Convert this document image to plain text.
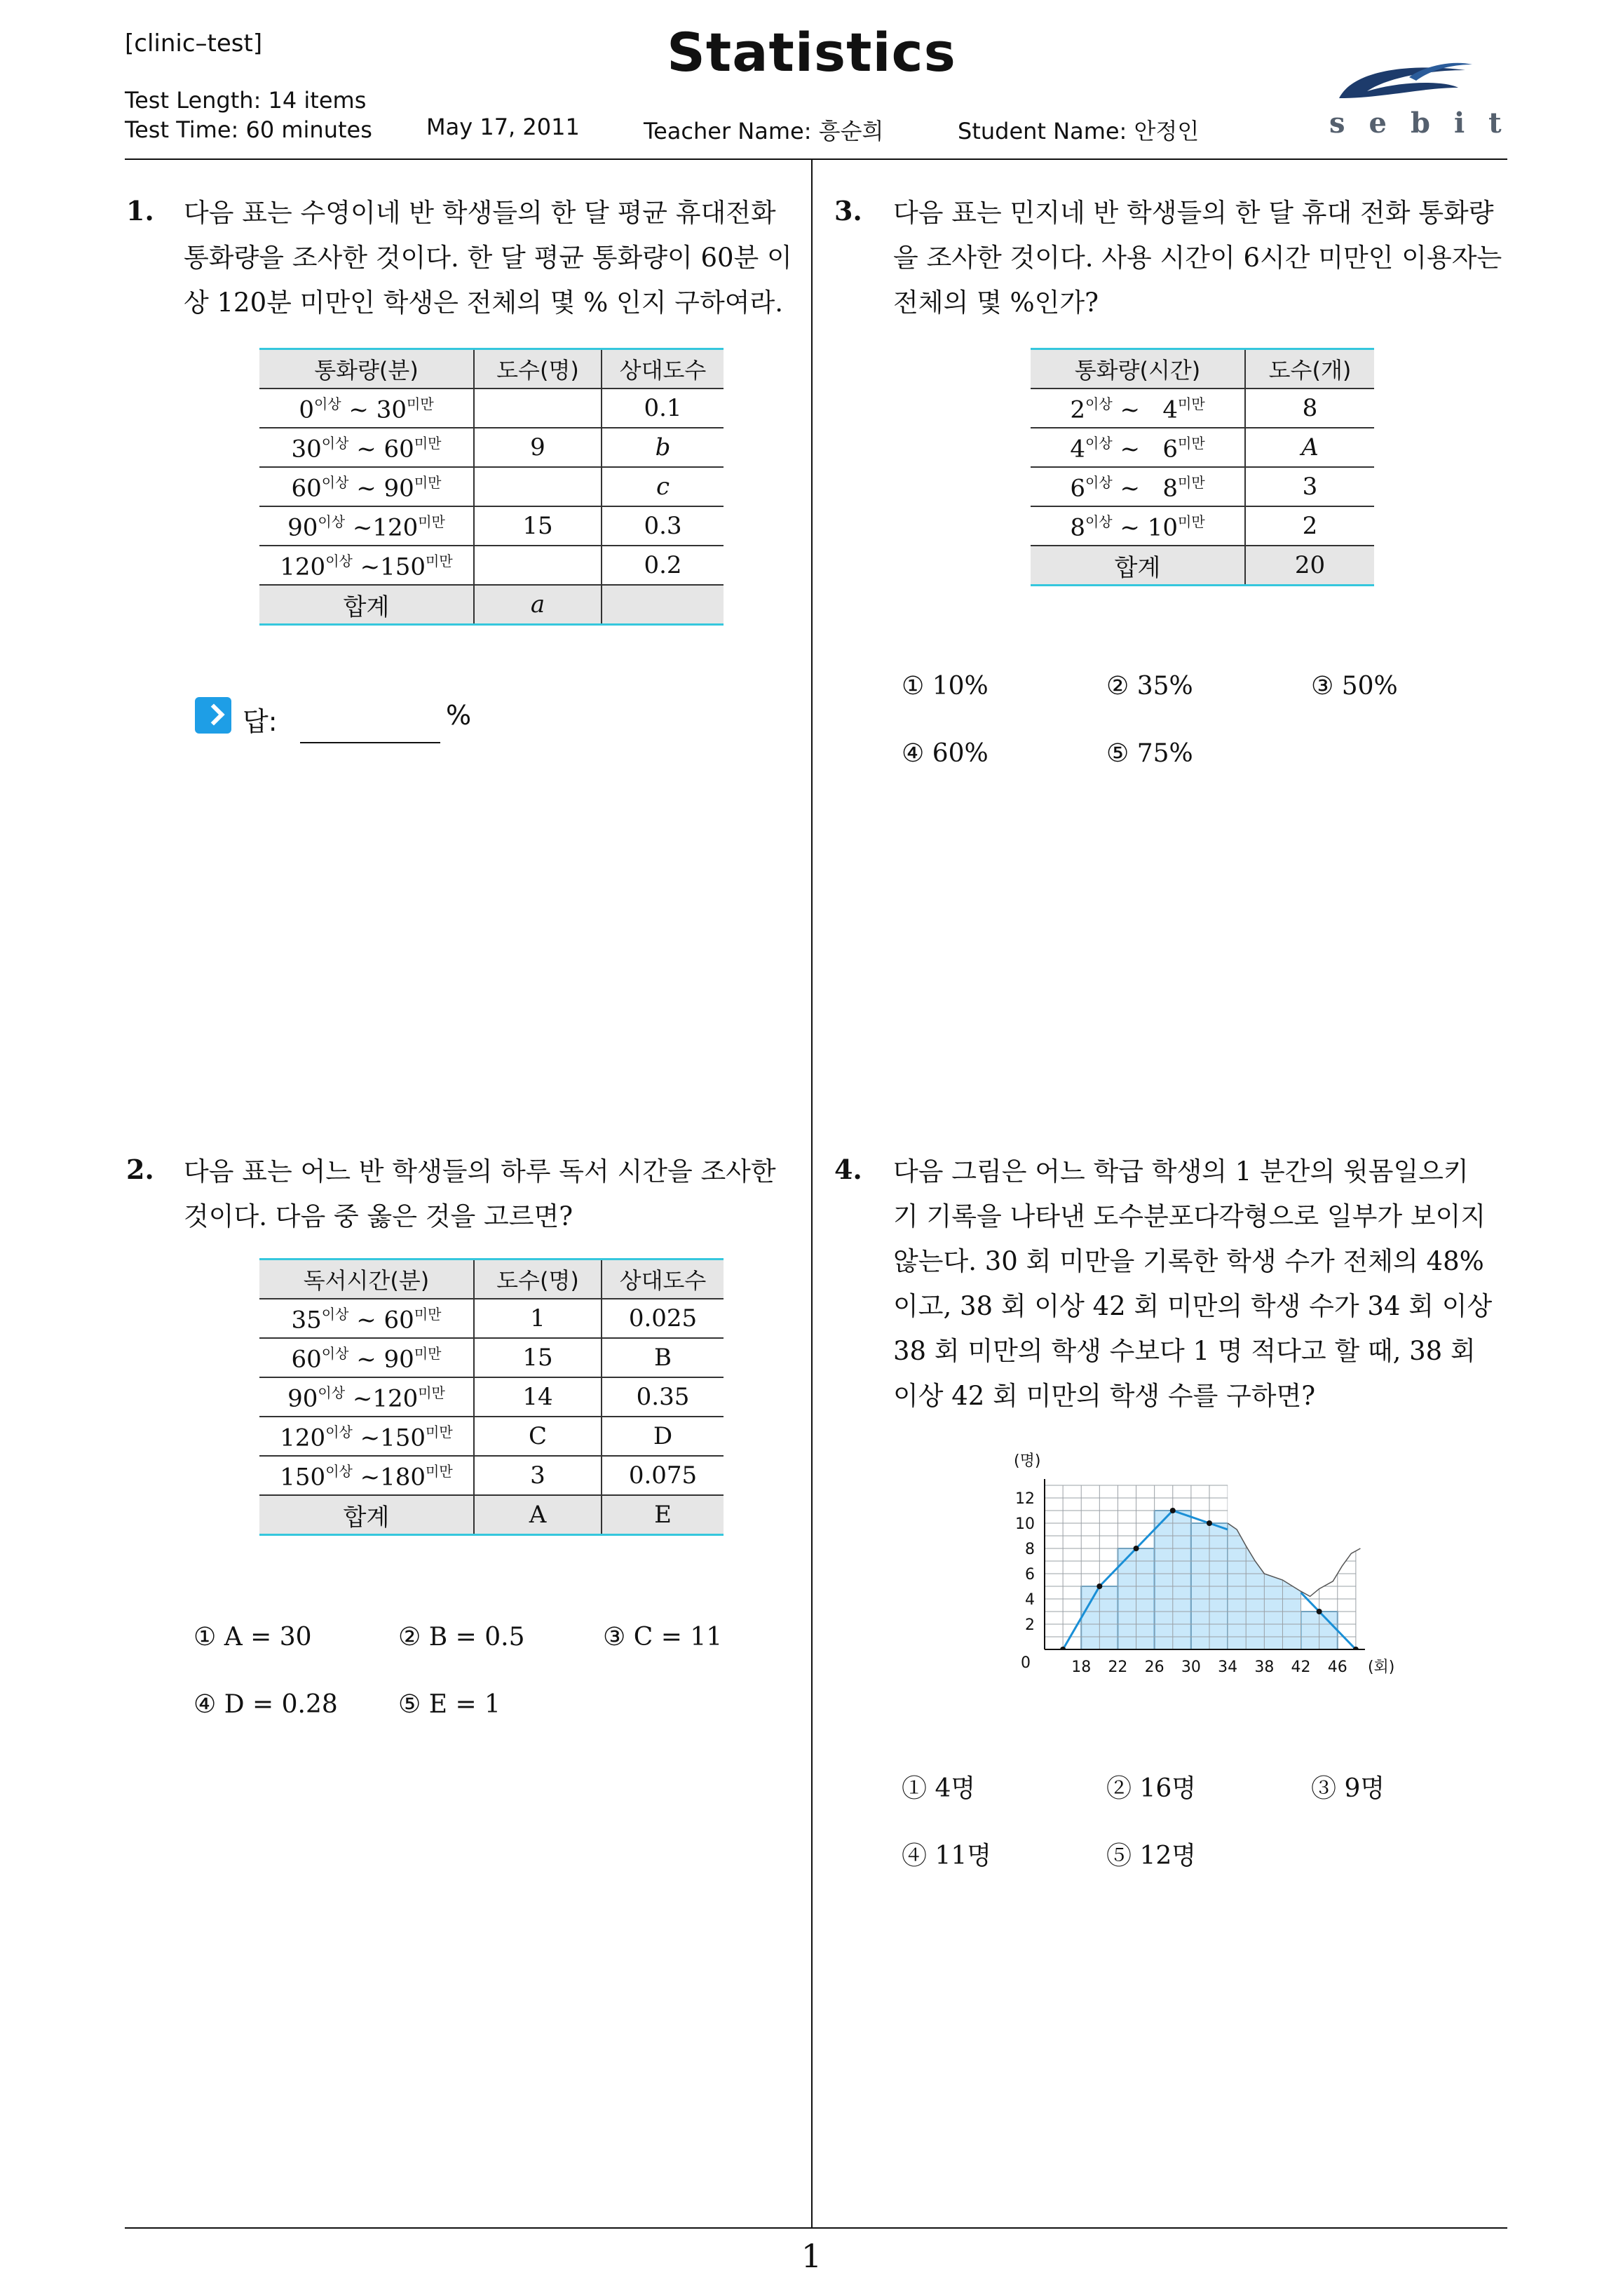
[clinic–test]	Statistics
Test Length: 14 items
Test Time: 60 minutes May 17, 2011	Teacher Name: 흥순희	Student Name: 안정인	sebit
1
1. 다음 표는 수영이네 반 학생들의 한 달 평균 휴대전화
통화량을 조사한 것이다. 한 달 평균 통화량이 60분 이
상 120분 미만인 학생은 전체의 몇 % 인지 구하여라.
통화량(분)	도수(명)	상대도수
$0^{이상}$ ~ $30^{미만}$		0.1
$30^{이상}$ ~ $60^{미만}$	9	b
$60^{이상}$ ~ $90^{미만}$		c
$90^{이상}$ $\sim 120^{미만}$	15	0.3
$120^{이상}$ $\sim 150^{미만}$		0.2
합계	a	
답:	%
2. 다음 표는 어느 반 학생들의 하루 독서 시간을 조사한
것이다. 다음 중 옳은 것을 고르면?
독서시간(분)	도수(명)	상대도수
$35^{이상}$ ~ $60^{미만}$	1	0.025
$60^{이상}$ ~ $90^{미만}$	15	B
$90^{이상}$ $\sim 120^{미만}$	14	0.35
$120^{이상}$ $\sim 150^{미만}$	C	D
$150^{이상}$ $\sim 180^{미만}$	3	0.075
합계	A	E
① A = 30	② B = 0.5	③ C = 11
④ D = 0.28 ⑤ E = 1
3. 다음 표는 민지네 반 학생들의 한 달 휴대 전화 통화량
을 조사한 것이다. 사용 시간이 6시간 미만인 이용자는
전체의 몇 %인가?
통화량(시간)	도수(개)
$2^{이상}$ ~   $4^{미만}$	8
$4^{이상}$ ~   $6^{미만}$	A
$6^{이상}$ ~   $8^{미만}$	3
$8^{이상}$ ~ $10^{미만}$	2
합계	20
① 10%	② 35%	③ 50%
④ 60%	⑤ 75%
4. 다음 그림은 어느 학급 학생의 1 분간의 윗몸일으키
기 기록을 나타낸 도수분포다각형으로 일부가 보이지
않는다. 30 회 미만을 기록한 학생 수가 전체의 48%
이고, 38 회 이상 42 회 미만의 학생 수가 34 회 이상
38 회 미만의 학생 수보다 1 명 적다고 할 때, 38 회
이상 42 회 미만의 학생 수를 구하면?
18 22 26 30 34 38 42 46
2
4
6
8
10
12
0
(명)
(회)
① 4명	② 16명	③ 9명
④ 11명	⑤ 12명
